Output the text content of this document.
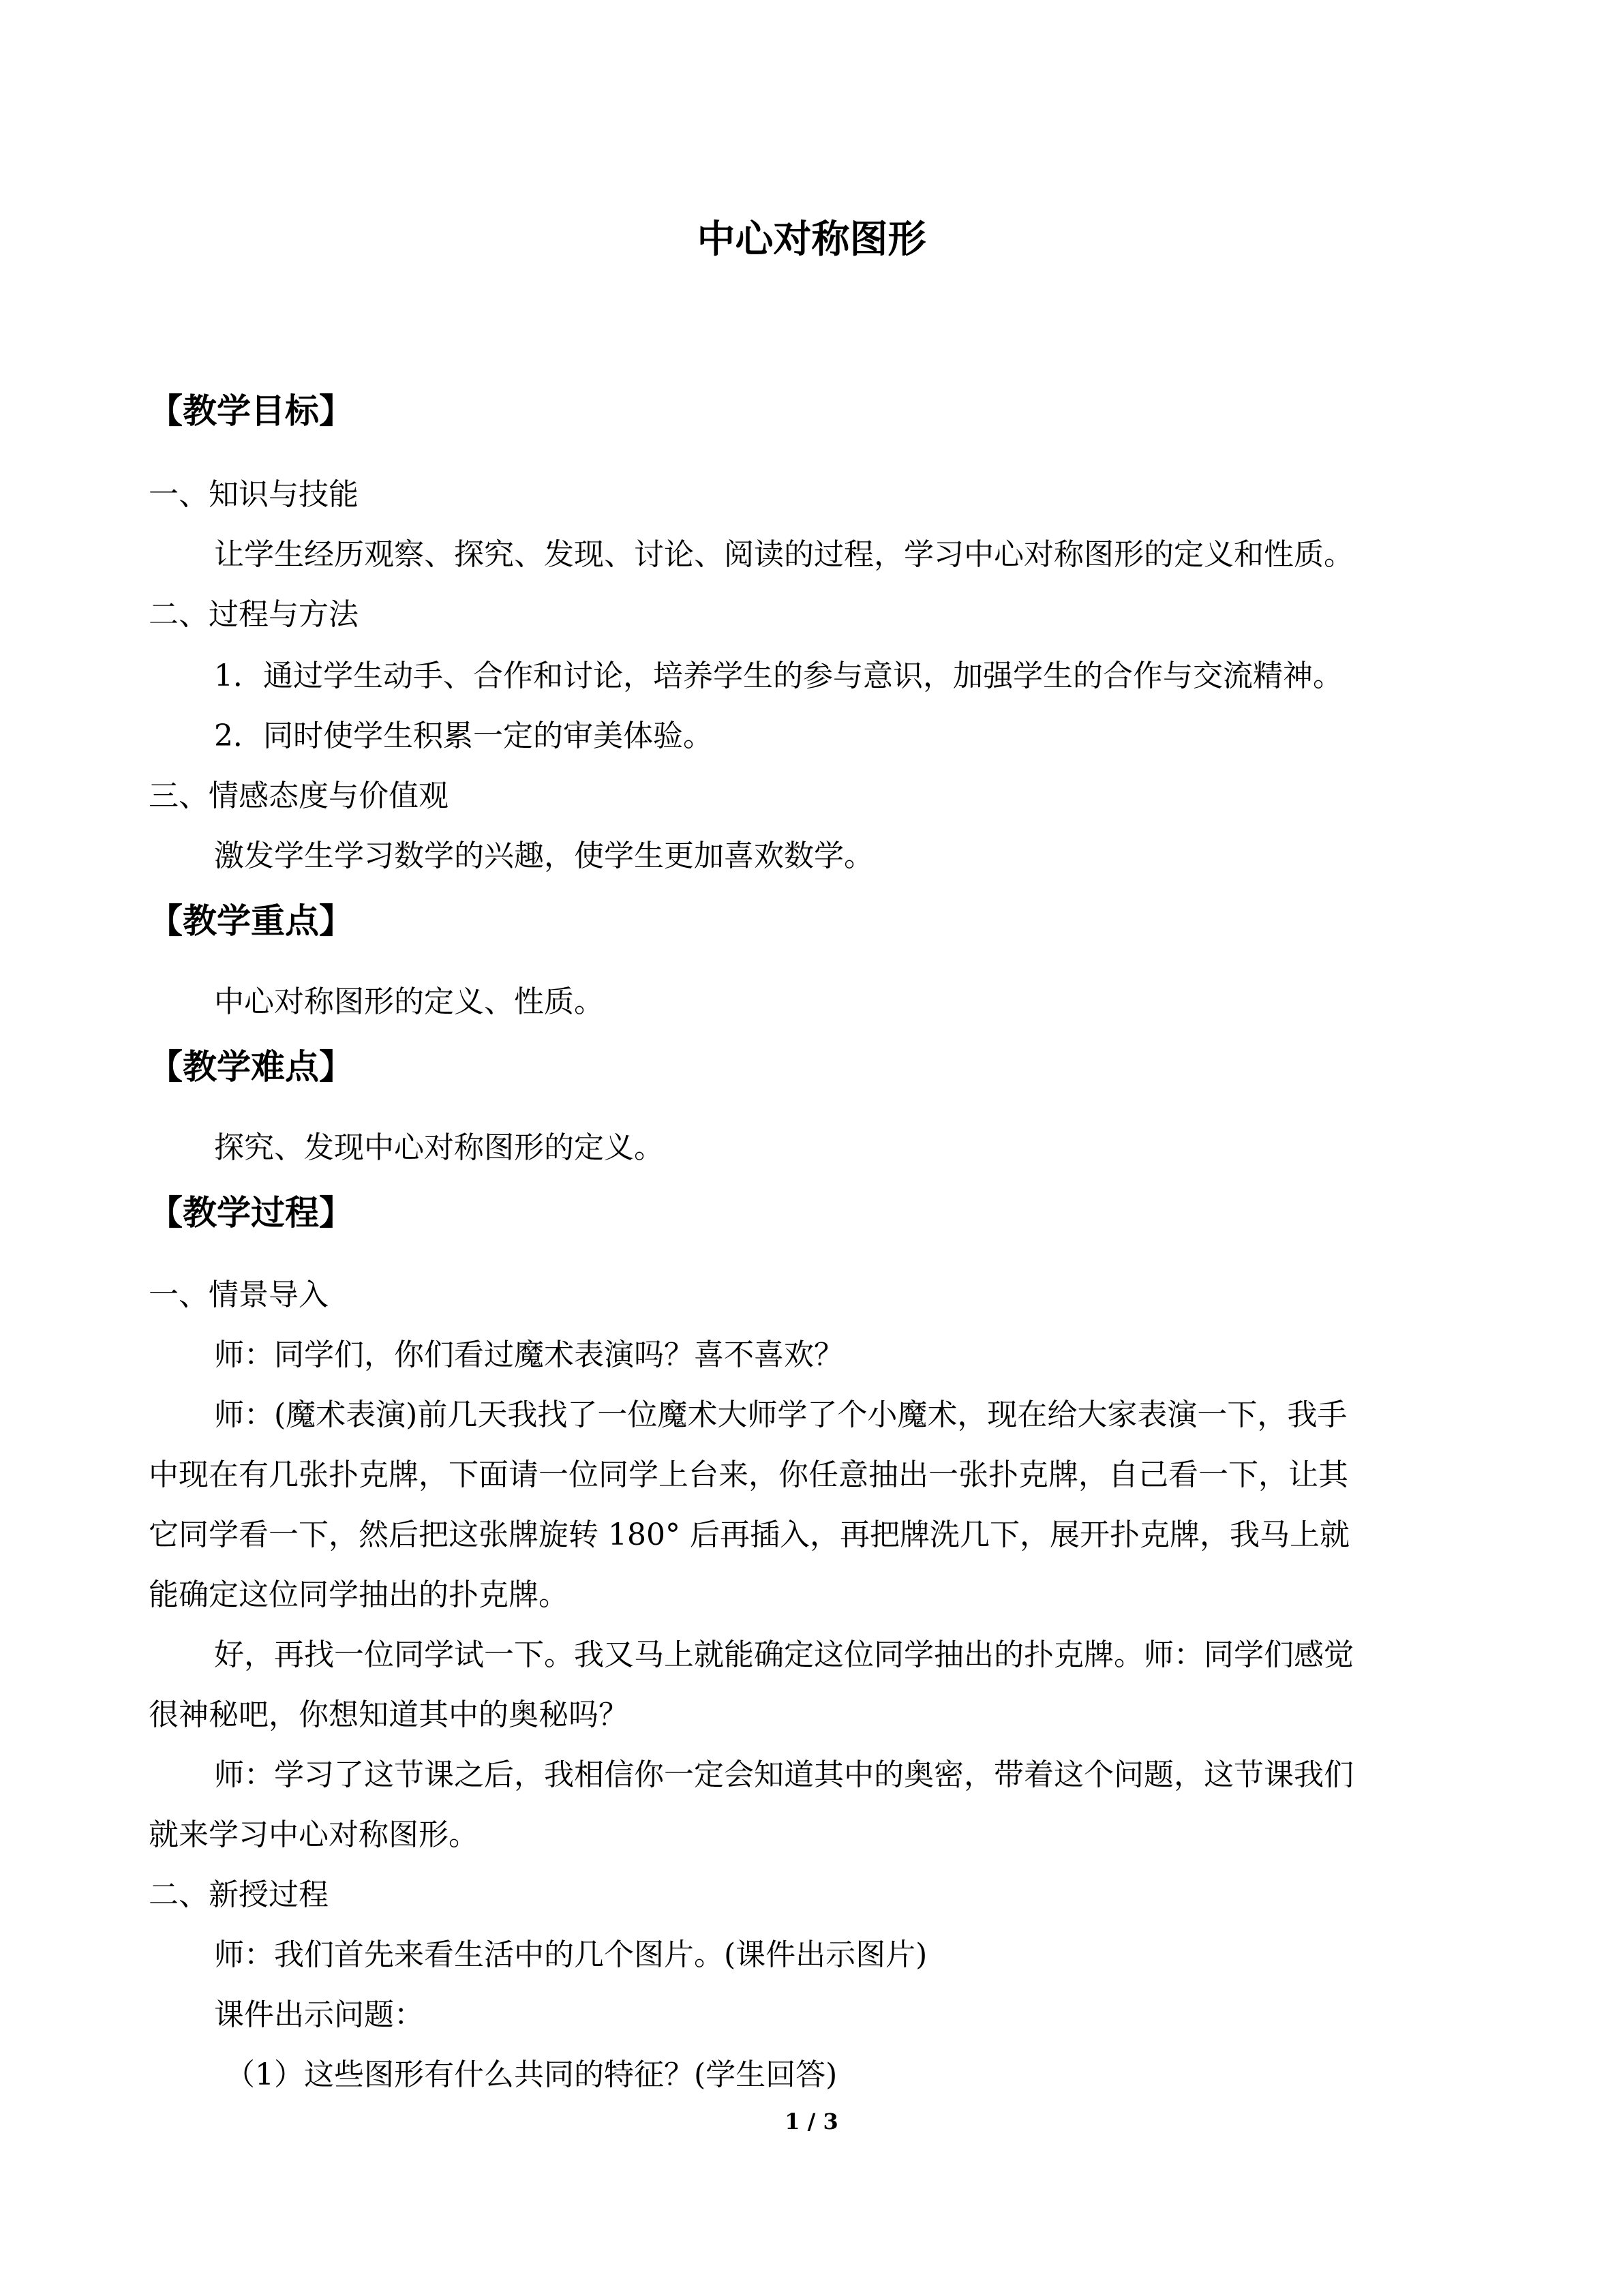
中心对称图形
【教学目标】

一、知识与技能

让学生经历观察、探究、发现、讨论、阅读的过程，学习中心对称图形的定义和性质。

二、过程与方法

1．通过学生动手、合作和讨论，培养学生的参与意识，加强学生的合作与交流精神。

2．同时使学生积累一定的审美体验。

三、情感态度与价值观

激发学生学习数学的兴趣，使学生更加喜欢数学。

【教学重点】

中心对称图形的定义、性质。

【教学难点】

探究、发现中心对称图形的定义。

【教学过程】

一、情景导入

师：同学们，你们看过魔术表演吗？喜不喜欢？

师：(魔术表演)前几天我找了一位魔术大师学了个小魔术，现在给大家表演一下，我手

中现在有几张扑克牌，下面请一位同学上台来，你任意抽出一张扑克牌，自己看一下，让其

它同学看一下，然后把这张牌旋转 180° 后再插入，再把牌洗几下，展开扑克牌，我马上就

能确定这位同学抽出的扑克牌。

好，再找一位同学试一下。我又马上就能确定这位同学抽出的扑克牌。师：同学们感觉

很神秘吧，你想知道其中的奥秘吗？

师：学习了这节课之后，我相信你一定会知道其中的奥密，带着这个问题，这节课我们

就来学习中心对称图形。

二、新授过程

师：我们首先来看生活中的几个图片。(课件出示图片)

课件出示问题：

（1）这些图形有什么共同的特征？(学生回答)

1 / 3
